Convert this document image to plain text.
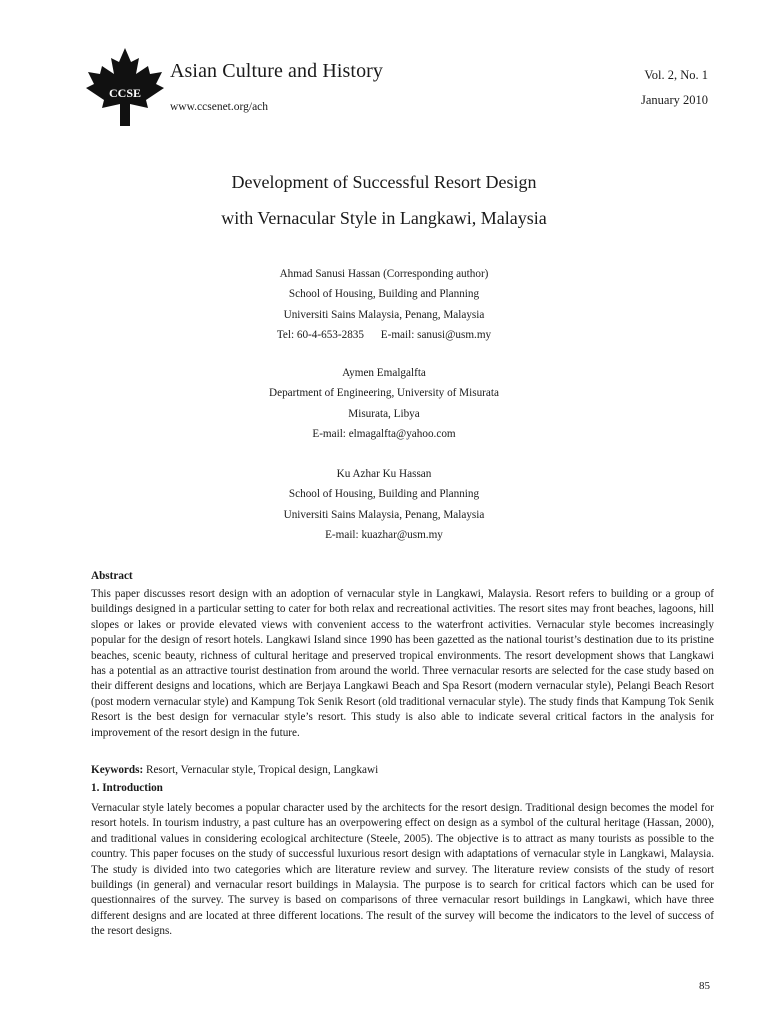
CCSE
Asian Culture and History
www.ccsenet.org/ach
Vol. 2, No. 1
January 2010
Development of Successful Resort Design
with Vernacular Style in Langkawi, Malaysia
Ahmad Sanusi Hassan (Corresponding author)
School of Housing, Building and Planning
Universiti Sains Malaysia, Penang, Malaysia
Tel: 60-4-653-2835      E-mail: sanusi@usm.my
Aymen Emalgalfta
Department of Engineering, University of Misurata
Misurata, Libya
E-mail: elmagalfta@yahoo.com
Ku Azhar Ku Hassan
School of Housing, Building and Planning
Universiti Sains Malaysia, Penang, Malaysia
E-mail: kuazhar@usm.my
Abstract
This paper discusses resort design with an adoption of vernacular style in Langkawi, Malaysia. Resort refers to building or a group of buildings designed in a particular setting to cater for both relax and recreational activities. The resort sites may front beaches, lagoons, hill slopes or lakes or provide elevated views with convenient access to the waterfront activities. Vernacular style becomes increasingly popular for the design of resort hotels. Langkawi Island since 1990 has been gazetted as the national tourist’s destination due to its pristine beaches, scenic beauty, richness of cultural heritage and preserved tropical environments. The resort development shows that Langkawi has a potential as an attractive tourist destination from around the world. Three vernacular resorts are selected for the case study based on their different designs and locations, which are Berjaya Langkawi Beach and Spa Resort (modern vernacular style), Pelangi Beach Resort (post modern vernacular style) and Kampung Tok Senik Resort (old traditional vernacular style). The study finds that Kampung Tok Senik Resort is the best design for vernacular style’s resort. This study is also able to indicate several critical factors in the analysis for improvement of the resort design in the future.
Keywords: Resort, Vernacular style, Tropical design, Langkawi
1. Introduction
Vernacular style lately becomes a popular character used by the architects for the resort design. Traditional design becomes the model for resort hotels. In tourism industry, a past culture has an overpowering effect on design as a symbol of the cultural heritage (Hassan, 2000), and traditional values in considering ecological architecture (Steele, 2005). The objective is to attract as many tourists as possible to the country. This paper focuses on the study of successful luxurious resort design with adaptations of vernacular style in Langkawi, Malaysia. The study is divided into two categories which are literature review and survey. The literature review consists of the study of resort buildings (in general) and vernacular resort buildings in Malaysia. The purpose is to search for critical factors which can be used for questionnaires of the survey. The survey is based on comparisons of three vernacular resort buildings in Langkawi, which have three different designs and are located at three different locations. The result of the survey will become the indicators to the level of success of the resort designs.
85
